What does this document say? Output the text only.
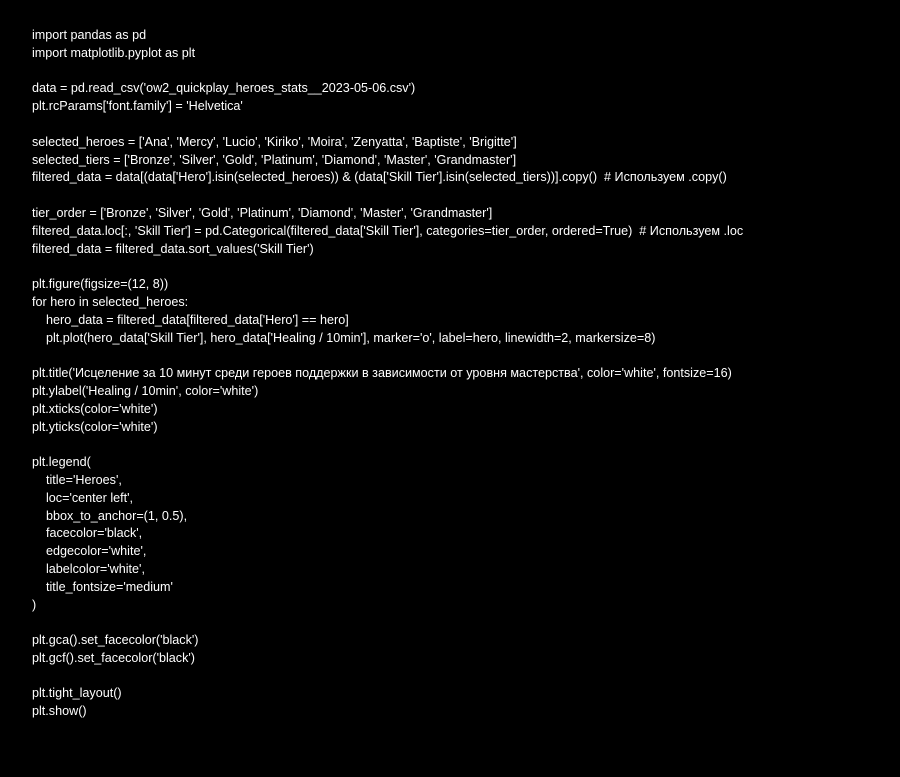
import pandas as pd
import matplotlib.pyplot as plt
data = pd.read_csv('ow2_quickplay_heroes_stats__2023-05-06.csv')
plt.rcParams['font.family'] = 'Helvetica'
selected_heroes = ['Ana', 'Mercy', 'Lucio', 'Kiriko', 'Moira', 'Zenyatta', 'Baptiste', 'Brigitte']
selected_tiers = ['Bronze', 'Silver', 'Gold', 'Platinum', 'Diamond', 'Master', 'Grandmaster']
filtered_data = data[(data['Hero'].isin(selected_heroes)) & (data['Skill Tier'].isin(selected_tiers))].copy()  # Используем .copy()
tier_order = ['Bronze', 'Silver', 'Gold', 'Platinum', 'Diamond', 'Master', 'Grandmaster']
filtered_data.loc[:, 'Skill Tier'] = pd.Categorical(filtered_data['Skill Tier'], categories=tier_order, ordered=True)  # Используем .loc
filtered_data = filtered_data.sort_values('Skill Tier')
plt.figure(figsize=(12, 8))
for hero in selected_heroes:
hero_data = filtered_data[filtered_data['Hero'] == hero]
plt.plot(hero_data['Skill Tier'], hero_data['Healing / 10min'], marker='o', label=hero, linewidth=2, markersize=8)
plt.title('Исцеление за 10 минут среди героев поддержки в зависимости от уровня мастерства', color='white', fontsize=16)
plt.ylabel('Healing / 10min', color='white')
plt.xticks(color='white')
plt.yticks(color='white')
plt.legend(
title='Heroes',
loc='center left',
bbox_to_anchor=(1, 0.5),
facecolor='black',
edgecolor='white',
labelcolor='white',
title_fontsize='medium'
)
plt.gca().set_facecolor('black')
plt.gcf().set_facecolor('black')
plt.tight_layout()
plt.show()
